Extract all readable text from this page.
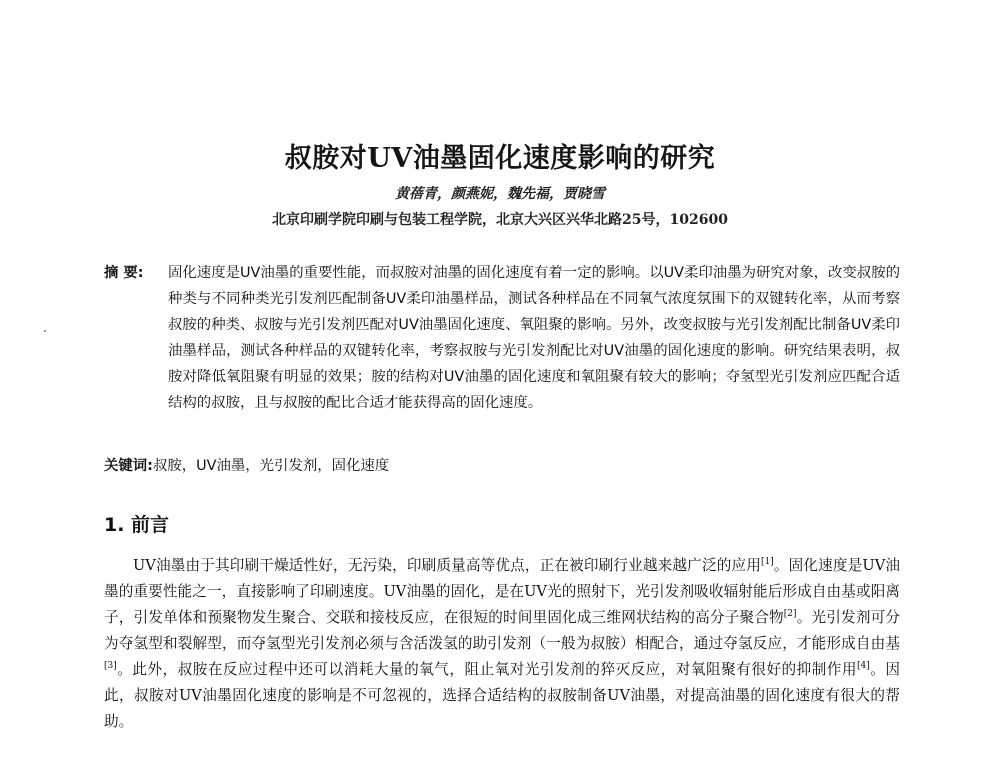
叔胺对UV油墨固化速度影响的研究
黄蓓青，颜燕妮，魏先福，贾晓雪
北京印刷学院印刷与包装工程学院，北京大兴区兴华北路25号，102600
摘 要: 固化速度是UV油墨的重要性能，而叔胺对油墨的固化速度有着一定的影响。以UV柔印油墨为研究对象，改变叔胺的种类与不同种类光引发剂匹配制备UV柔印油墨样品，测试各种样品在不同氧气浓度氛围下的双键转化率，从而考察叔胺的种类、叔胺与光引发剂匹配对UV油墨固化速度、氧阻聚的影响。另外，改变叔胺与光引发剂配比制备UV柔印油墨样品，测试各种样品的双键转化率，考察叔胺与光引发剂配比对UV油墨的固化速度的影响。研究结果表明，叔胺对降低氧阻聚有明显的效果；胺的结构对UV油墨的固化速度和氧阻聚有较大的影响；夺氢型光引发剂应匹配合适结构的叔胺，且与叔胺的配比合适才能获得高的固化速度。
关键词:叔胺，UV油墨，光引发剂，固化速度
1. 前言

UV油墨由于其印刷干燥适性好，无污染，印刷质量高等优点，正在被印刷行业越来越广泛的应用[1]。固化速度是UV油墨的重要性能之一，直接影响了印刷速度。UV油墨的固化，是在UV光的照射下，光引发剂吸收辐射能后形成自由基或阳离子，引发单体和预聚物发生聚合、交联和接枝反应，在很短的时间里固化成三维网状结构的高分子聚合物[2]。光引发剂可分为夺氢型和裂解型，而夺氢型光引发剂必须与含活泼氢的助引发剂（一般为叔胺）相配合，通过夺氢反应，才能形成自由基[3]。此外，叔胺在反应过程中还可以消耗大量的氧气，阻止氧对光引发剂的猝灭反应，对氧阻聚有很好的抑制作用[4]。因此，叔胺对UV油墨固化速度的影响是不可忽视的，选择合适结构的叔胺制备UV油墨，对提高油墨的固化速度有很大的帮助。
